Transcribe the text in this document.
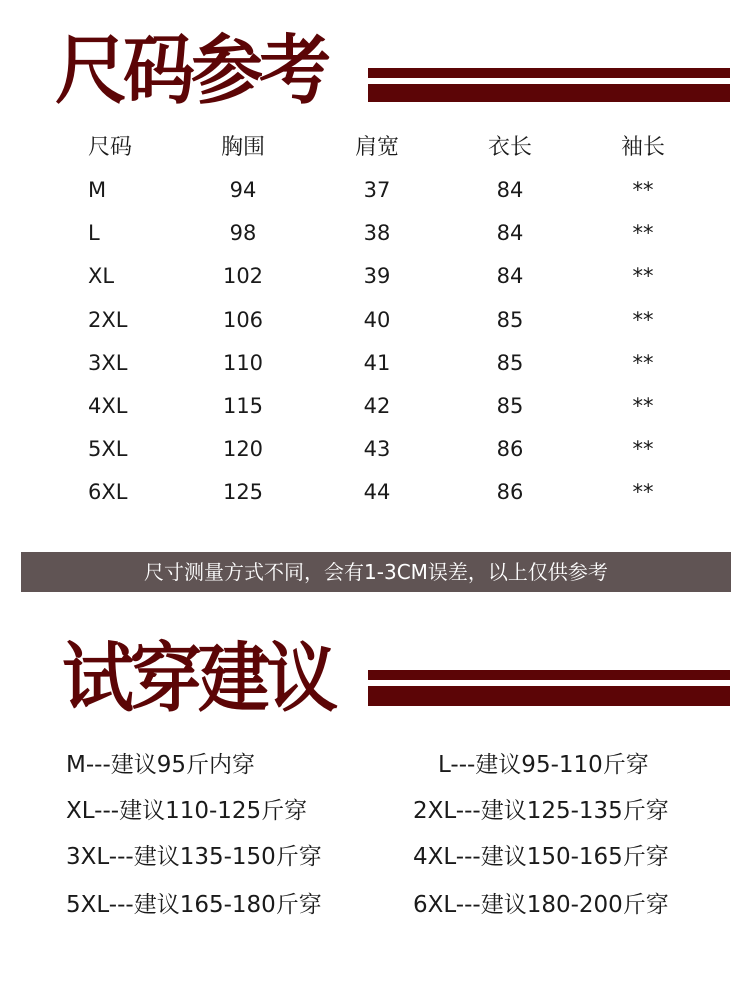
尺码参考
尺码	胸围	肩宽	衣长	袖长
M	94	37	84	**
L	98	38	84	**
XL	102	39	84	**
2XL	106	40	85	**
3XL	110	41	85	**
4XL	115	42	85	**
5XL	120	43	86	**
6XL	125	44	86	**
尺寸测量方式不同，会有1-3CM误差，以上仅供参考
试穿建议
M---建议95斤内穿	L---建议95-110斤穿
XL---建议110-125斤穿	2XL---建议125-135斤穿
3XL---建议135-150斤穿	4XL---建议150-165斤穿
5XL---建议165-180斤穿	6XL---建议180-200斤穿
